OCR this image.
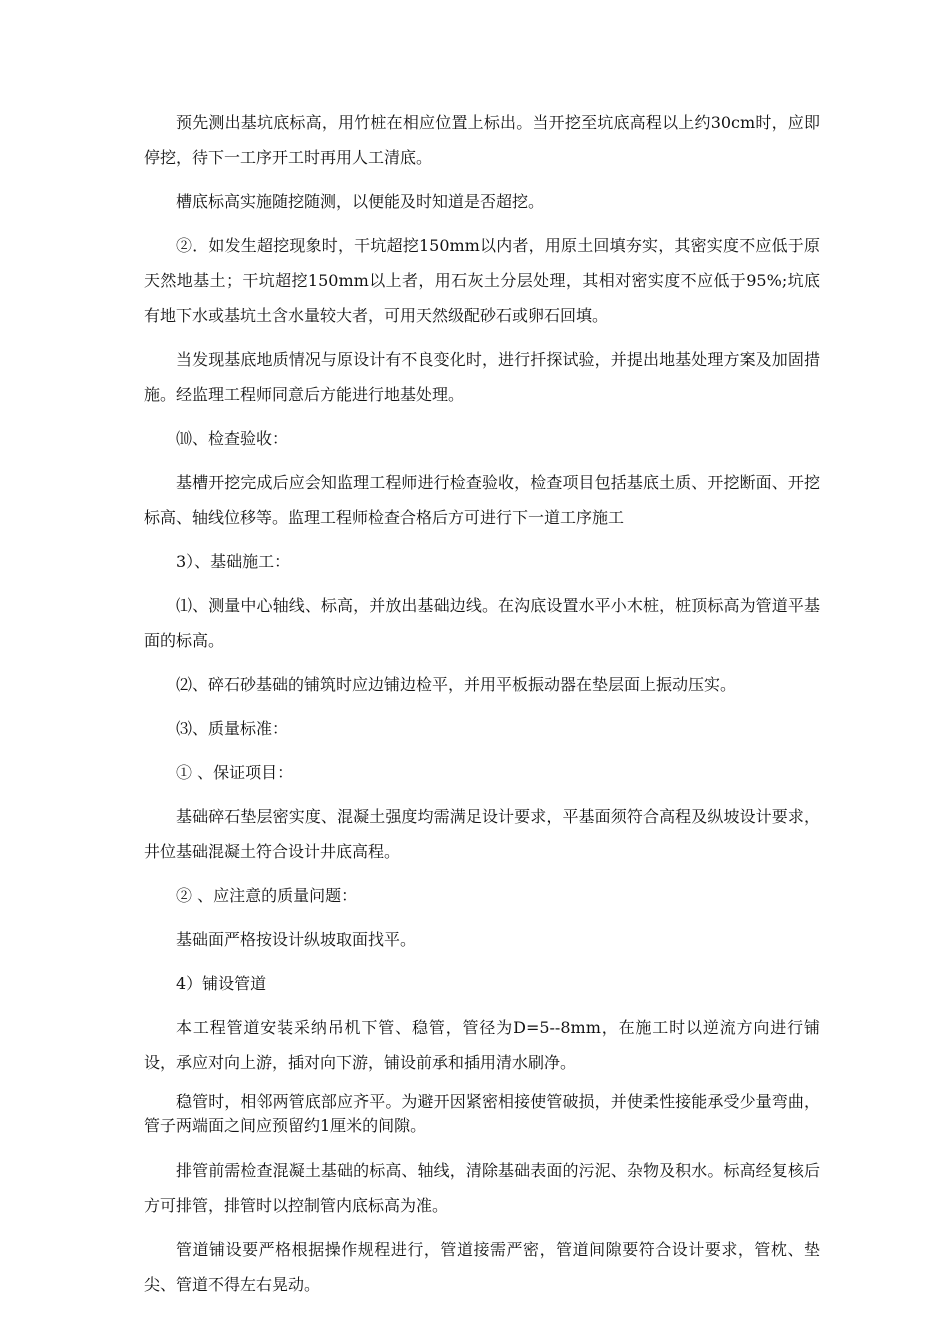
预先测出基坑底标高，用竹桩在相应位置上标出。当开挖至坑底高程以上约30cm时，应即停挖，待下一工序开工时再用人工清底。

槽底标高实施随挖随测，以便能及时知道是否超挖。

②．如发生超挖现象时，干坑超挖150mm以内者，用原土回填夯实，其密实度不应低于原天然地基土；干坑超挖150mm以上者，用石灰土分层处理，其相对密实度不应低于95%;坑底有地下水或基坑土含水量较大者，可用天然级配砂石或卵石回填。

当发现基底地质情况与原设计有不良变化时，进行扦探试验，并提出地基处理方案及加固措施。经监理工程师同意后方能进行地基处理。

⑽、检查验收：

基槽开挖完成后应会知监理工程师进行检查验收，检查项目包括基底土质、开挖断面、开挖标高、轴线位移等。监理工程师检查合格后方可进行下一道工序施工

3）、基础施工：

⑴、测量中心轴线、标高，并放出基础边线。在沟底设置水平小木桩，桩顶标高为管道平基面的标高。

⑵、碎石砂基础的铺筑时应边铺边检平，并用平板振动器在垫层面上振动压实。

⑶、质量标准：

① 、保证项目：

基础碎石垫层密实度、混凝土强度均需满足设计要求，平基面须符合高程及纵坡设计要求，井位基础混凝土符合设计井底高程。

② 、应注意的质量问题：

基础面严格按设计纵坡取面找平。

4）铺设管道

本工程管道安装采纳吊机下管、稳管，管径为D=5--8mm，在施工时以逆流方向进行铺设，承应对向上游，插对向下游，铺设前承和插用清水刷净。

稳管时，相邻两管底部应齐平。为避开因紧密相接使管破损，并使柔性接能承受少量弯曲，管子两端面之间应预留约1厘米的间隙。

排管前需检查混凝土基础的标高、轴线，清除基础表面的污泥、杂物及积水。标高经复核后方可排管，排管时以控制管内底标高为准。

管道铺设要严格根据操作规程进行，管道接需严密，管道间隙要符合设计要求，管枕、垫尖、管道不得左右晃动。
